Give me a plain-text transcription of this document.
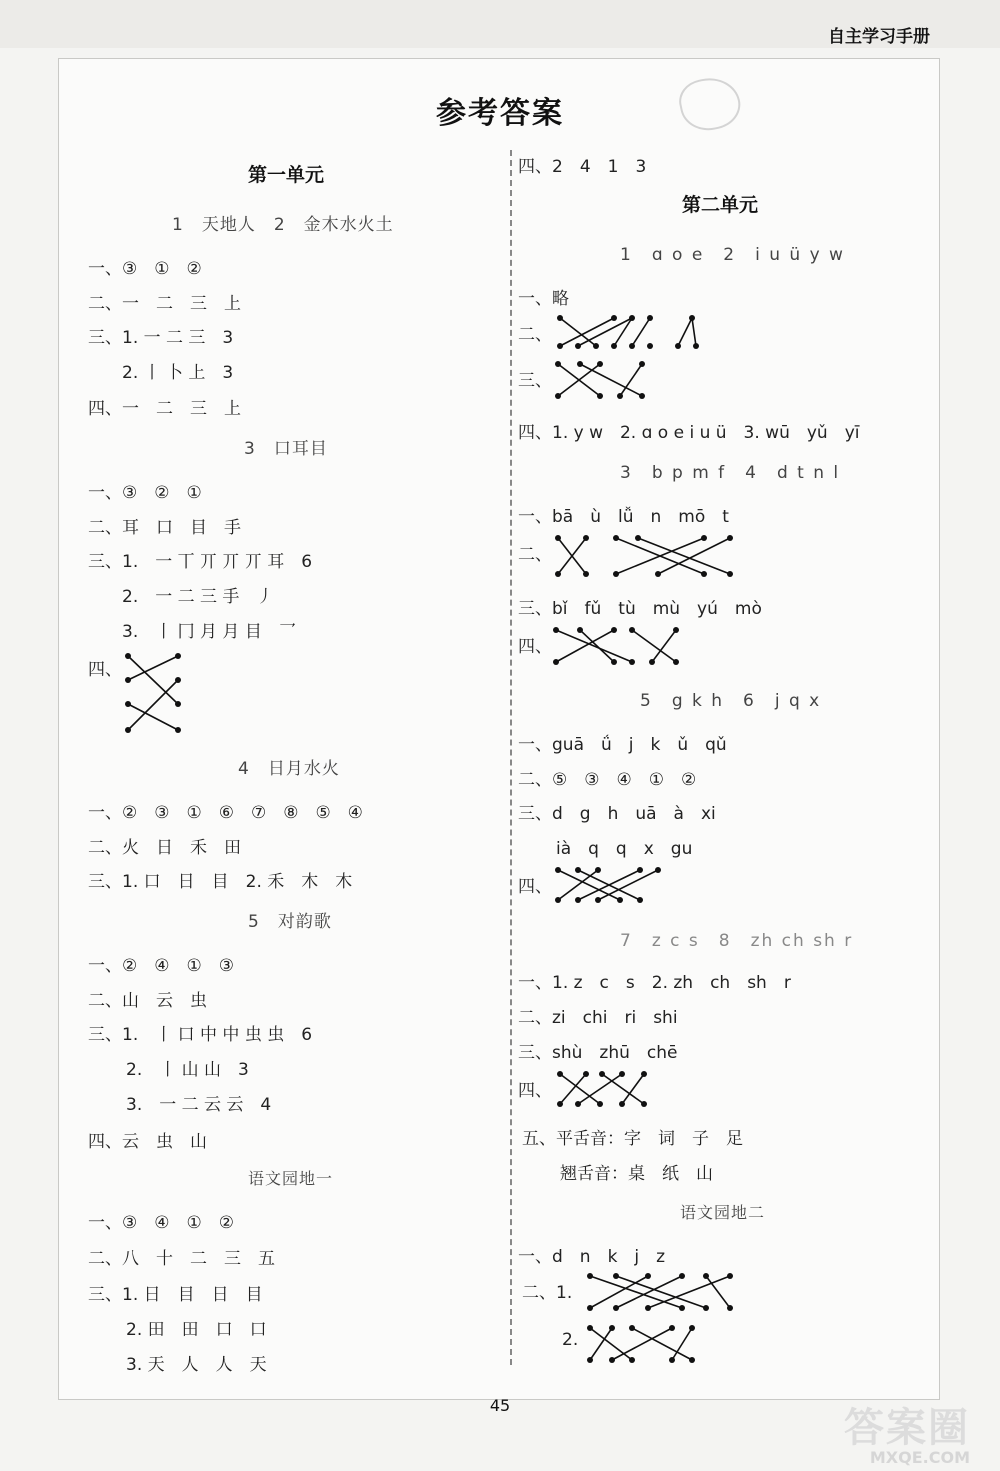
自主学习手册
参考答案
第一单元
1　天地人　2　金木水火土
一、③　①　②
二、一　二　三　上
三、1. 一 二 三　3
2. 丨 卜 上　3
四、一　二　三　上
3　口耳目
一、③　②　①
二、耳　口　目　手
三、1.　一 丅 丌 丌 丌 耳　6
2.　一 二 三 手　丿
3.　丨 冂 月 月 目　乛
四、
4　日月水火
一、②　③　①　⑥　⑦　⑧　⑤　④
二、火　日　禾　田
三、1. 口　日　目　2. 禾　木　木
5　对韵歌
一、②　④　①　③
二、山　云　虫
三、1.　丨 口 中 中 虫 虫　6
2.　丨 山 山　3
3.　一 二 云 云　4
四、云　虫　山
语文园地一
一、③　④　①　②
二、八　十　二　三　五
三、1. 日　目　日　目
2. 田　田　口　口
3. 天　人　人　天
四、2　4　1　3
第二单元
1　ɑ o e　2　i u ü y w
一、略
二、
三、
四、1. y w　2. ɑ o e i u ü　3. wū　yǔ　yī
3　b p m f　4　d t n l
一、bā　ù　lǚ　n　mō　t
二、
三、bǐ　fǔ　tù　mù　yú　mò
四、
5　g k h　6　j q x
一、guā　ǘ　j　k　ǔ　qǔ
二、⑤　③　④　①　②
三、d　g　h　uā　à　xi
ià　q　q　x　gu
四、
7　z c s　8　zh ch sh r
一、1. z　c　s　2. zh　ch　sh　r
二、zi　chi　ri　shi
三、shù　zhū　chē
四、
五、平舌音：字　词　子　足
翘舌音：桌　纸　山
语文园地二
一、d　n　k　j　z
二、1.
2.
45	答案圈
MXQE.COM
